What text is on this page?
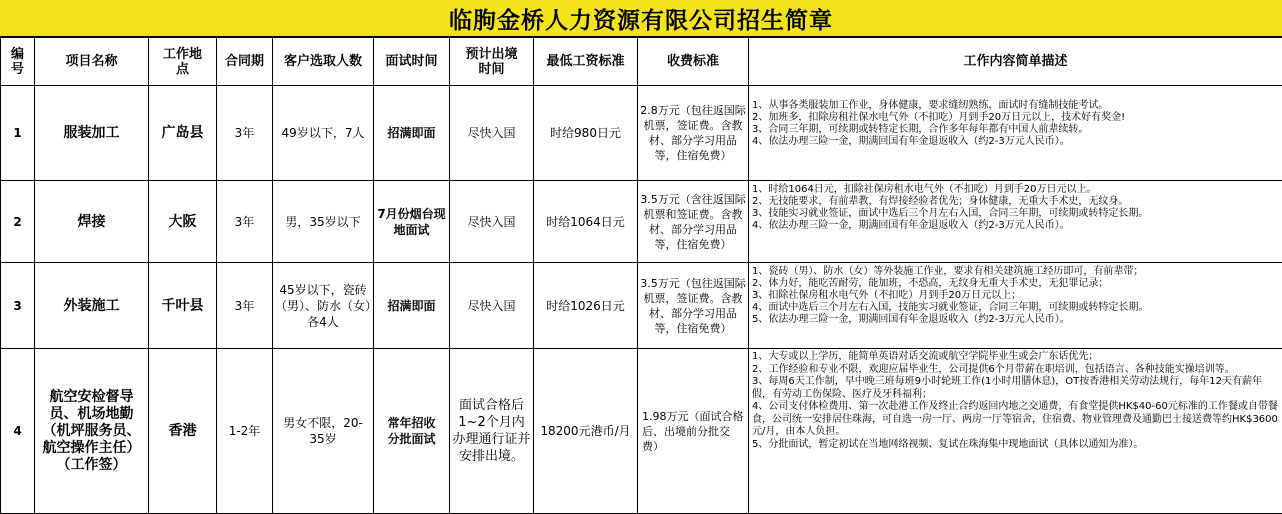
临朐金桥人力资源有限公司招生简章
编号	项目名称	工作地点	合同期	客户选取人数	面试时间	预计出境时间	最低工资标准	收费标准	工作内容简单描述
1	服装加工	广岛县	3年	49岁以下，7人	招满即面	尽快入国	时给980日元	2.8万元（包往返国际机票，签证费。含教材、部分学习用品等，住宿免费）	1、从事各类服装加工作业，身体健康，要求缝纫熟练，面试时有缝制技能考试。
2、加班多，扣除房租社保水电气外（不扣吃）月到手20万日元以上，技术好有奖金!
3、合同三年期，可续期或转特定长期，合作多年每年都有中国人前辈续转。
4、依法办理三险一金，期满回国有年金退返收入（约2-3万元人民币）。

2	焊接	大阪	3年	男，35岁以下	7月份烟台现地面试	尽快入国	时给1064日元	3.5万元（含往返国际机票和签证费。含教材、部分学习用品等，住宿免费）	1、时给1064日元，扣除社保房租水电气外（不扣吃）月到手20万日元以上。
2、无技能要求，有前辈教，有焊接经验者优先；身体健康，无重大手术史，无纹身。
3、技能实习就业签证，面试中选后三个月左右入国，合同三年期，可续期或转特定长期。
4、依法办理三险一金，期满回国有年金退返收入（约2-3万元人民币）。

3	外装施工	千叶县	3年	45岁以下，瓷砖（男）、防水（女）各4人	招满即面	尽快入国	时给1026日元	3.5万元（包往返国际机票，签证费。含教材、部分学习用品等，住宿免费）	1、瓷砖（男）、防水（女）等外装施工作业，要求有相关建筑施工经历即可，有前辈带；
2、体力好，能吃苦耐劳，能加班，不恐高，无纹身无重大手术史，无犯罪记录；
3、扣除社保房租水电气外（不扣吃）月到手20万日元以上；
4、面试中选后三个月左右入国，技能实习就业签证，合同三年期，可续期或转特定长期。
5、依法办理三险一金，期满回国有年金退返收入（约2-3万元人民币）。

4	航空安检督导员、机场地勤（机坪服务员、航空操作主任）（工作签）	香港	1-2年	男女不限，20-35岁	常年招收分批面试	面试合格后1~2个月内办理通行证并安排出境。	18200元港币/月	1.98万元（面试合格后、出境前分批交费）	1、大专或以上学历，能简单英语对话交流或航空学院毕业生或会广东话优先；
2、工作经验和专业不限，欢迎应届毕业生，公司提供6个月带薪在职培训，包括语言、各种技能实操培训等。
3、每周6天工作制，早中晚三班每班9小时轮班工作(1小时用膳休息)，OT按香港相关劳动法规行，每年12天有薪年假，有劳动工伤保险、医疗及牙科福利；
4、公司支付体检费用、第一次赴港工作及终止合约返回内地之交通费，有食堂提供HK$40-60元标准的工作餐或自带餐食，公司统一安排居住珠海，可自选一房一厅、两房一厅等宿舍，住宿费、物业管理费及通勤巴士接送费等约HK$3600元/月，由本人负担。
5、分批面试，暂定初试在当地网络视频、复试在珠海集中现地面试（具体以通知为准）。
